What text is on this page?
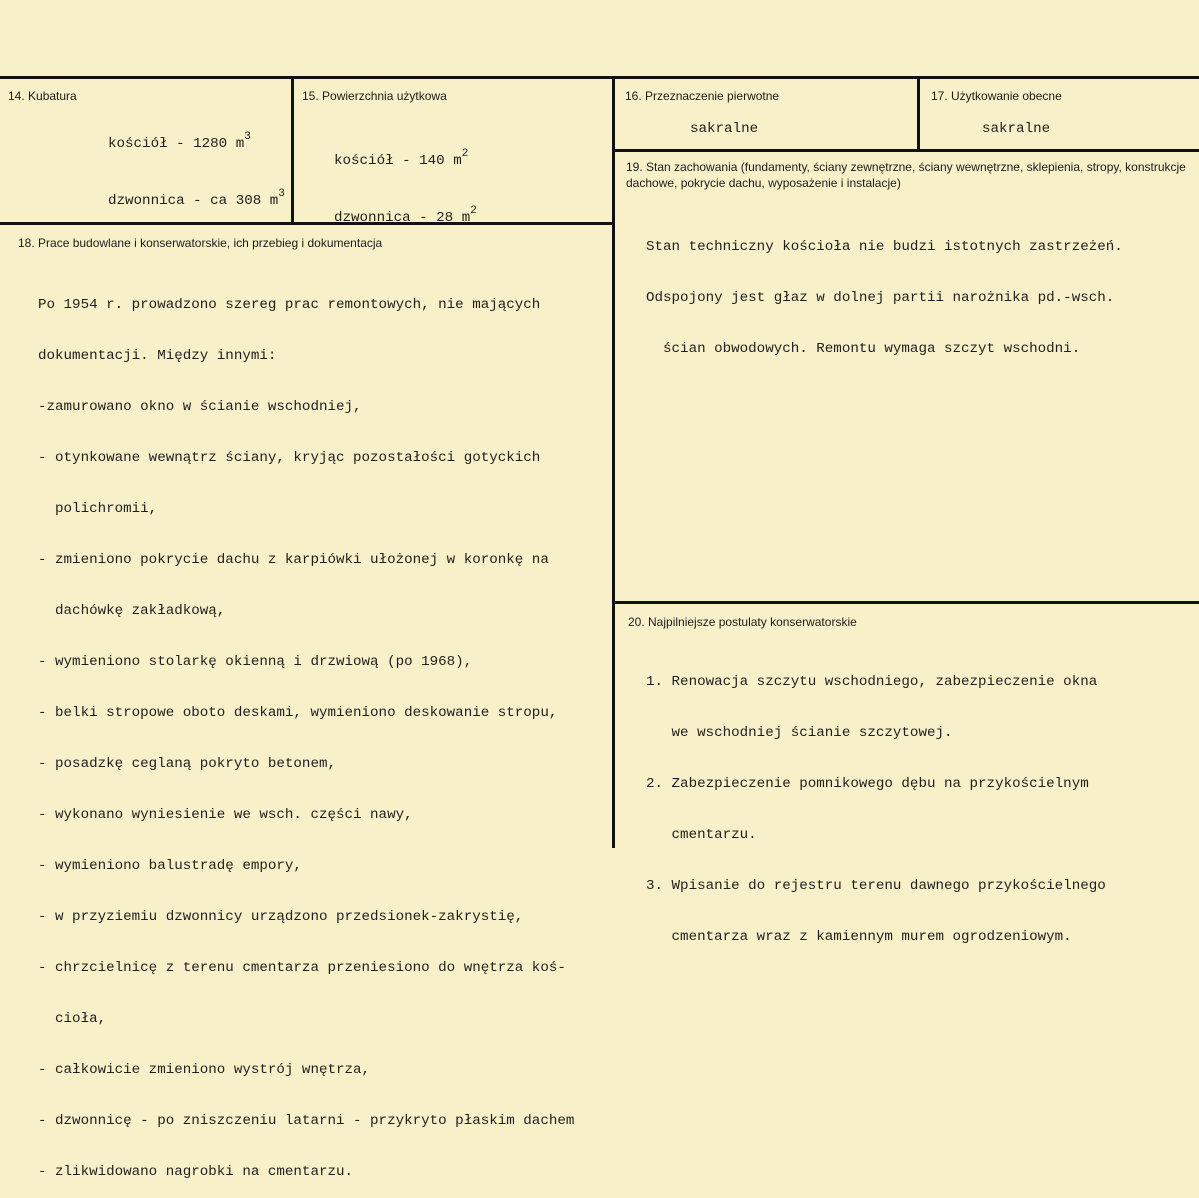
14. Kubatura

kościół - 1280 $m^3$

dzwonnica - ca 308 $m^3$

15. Powierzchnia użytkowa

kościół - 140 $m^2$

dzwonnica - 28 $m^2$

16. Przeznaczenie pierwotne
sakralne
17. Użytkowanie obecne
sakralne
19. Stan zachowania (fundamenty, ściany zewnętrzne, ściany wewnętrzne, sklepienia, stropy, konstrukcje dachowe, pokrycie dachu, wyposażenie i instalacje)

Stan techniczny kościoła nie budzi istotnych zastrzeżeń.

Odspojony jest głaz w dolnej partii narożnika pd.-wsch.

ścian obwodowych. Remontu wymaga szczyt wschodni.

18. Prace budowlane i konserwatorskie, ich przebieg i dokumentacja

Po 1954 r. prowadzono szereg prac remontowych, nie mających

dokumentacji. Między innymi:

-zamurowano okno w ścianie wschodniej,

- otynkowane wewnątrz ściany, kryjąc pozostałości gotyckich

polichromii,

- zmieniono pokrycie dachu z karpiówki ułożonej w koronkę na

dachówkę zakładkową,

- wymieniono stolarkę okienną i drzwiową (po 1968),

- belki stropowe oboto deskami, wymieniono deskowanie stropu,

- posadzkę ceglaną pokryto betonem,

- wykonano wyniesienie we wsch. części nawy,

- wymieniono balustradę empory,

- w przyziemiu dzwonnicy urządzono przedsionek-zakrystię,

- chrzcielnicę z terenu cmentarza przeniesiono do wnętrza koś-

cioła,

- całkowicie zmieniono wystrój wnętrza,

- dzwonnicę - po zniszczeniu latarni - przykryto płaskim dachem

- zlikwidowano nagrobki na cmentarzu.

20. Najpilniejsze postulaty konserwatorskie

1. Renowacja szczytu wschodniego, zabezpieczenie okna

we wschodniej ścianie szczytowej.

2. Zabezpieczenie pomnikowego dębu na przykościelnym

cmentarzu.

3. Wpisanie do rejestru terenu dawnego przykościelnego

cmentarza wraz z kamiennym murem ogrodzeniowym.
